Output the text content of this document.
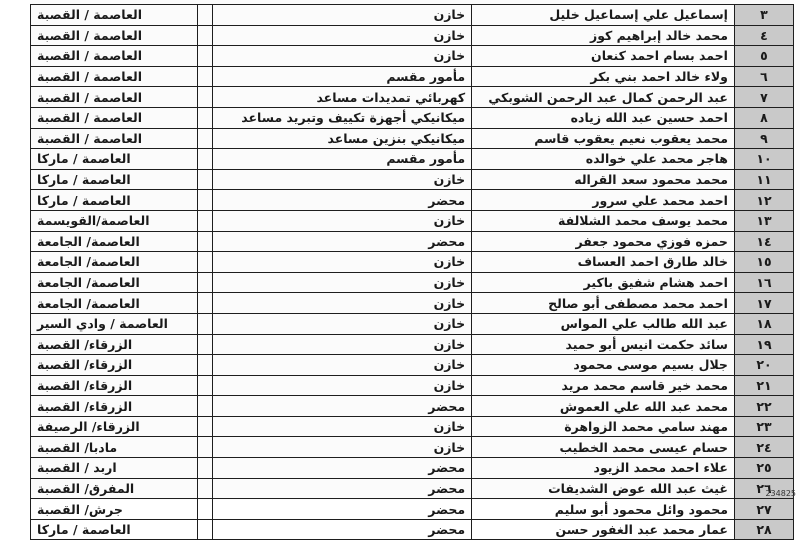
٣	إسماعيل علي إسماعيل خليل	خازن		العاصمة / القصبة
٤	محمد خالد إبراهيم كوز	خازن		العاصمة / القصبة
٥	احمد بسام احمد كنعان	خازن		العاصمة / القصبة
٦	ولاء خالد احمد بني بكر	مأمور مقسم		العاصمة / القصبة
٧	عبد الرحمن كمال عبد الرحمن الشوبكي	كهربائي تمديدات مساعد		العاصمة / القصبة
٨	احمد حسين عبد الله زياده	ميكانيكي أجهزة تكييف وتبريد مساعد		العاصمة / القصبة
٩	محمد يعقوب نعيم يعقوب قاسم	ميكانيكي بنزين مساعد		العاصمة / القصبة
١٠	هاجر محمد علي خوالده	مأمور مقسم		العاصمة / ماركا
١١	محمد محمود سعد القراله	خازن		العاصمة / ماركا
١٢	احمد محمد علي سرور	محضر		العاصمة / ماركا
١٣	محمد يوسف محمد الشلالفة	خازن		العاصمة/القويسمة
١٤	حمزه فوزي محمود جعفر	محضر		العاصمة/ الجامعة
١٥	خالد طارق احمد العساف	خازن		العاصمة/ الجامعة
١٦	احمد هشام شفيق باكير	خازن		العاصمة/ الجامعة
١٧	احمد محمد مصطفى أبو صالح	خازن		العاصمة/ الجامعة
١٨	عبد الله طالب علي المواس	خازن		العاصمة / وادي السير
١٩	سائد حكمت انيس أبو حميد	خازن		الزرقاء/ القصبة
٢٠	جلال بسيم موسى محمود	خازن		الزرقاء/ القصبة
٢١	محمد خير قاسم محمد مريد	خازن		الزرقاء/ القصبة
٢٢	محمد عبد الله علي العموش	محضر		الزرقاء/ القصبة
٢٣	مهند سامي محمد الزواهرة	خازن		الزرقاء/ الرصيفة
٢٤	حسام عيسى محمد الخطيب	خازن		مادبا/ القصبة
٢٥	علاء احمد محمد الزيود	محضر		اربد / القصبة
٢٦	غيث عبد الله عوض الشديفات	محضر		المفرق/ القصبة
٢٧	محمود وائل محمود أبو سليم	محضر		جرش/ القصبة
٢٨	عمار محمد عبد الغفور حسن	محضر		العاصمة / ماركا
234825
